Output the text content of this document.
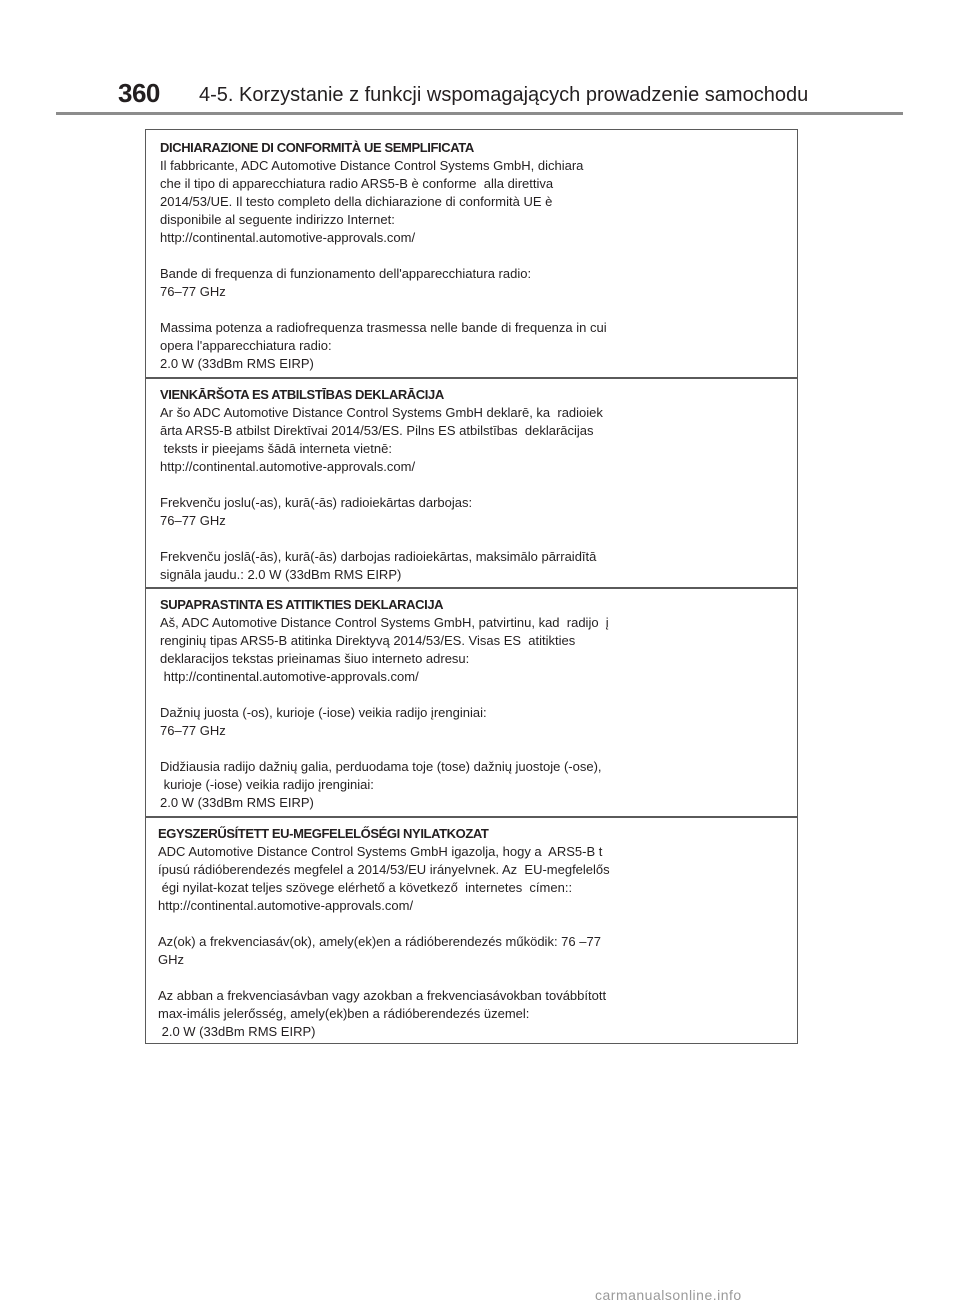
360 4-5. Korzystanie z funkcji wspomagających prowadzenie samochodu

DICHIARAZIONE DI CONFORMITÀ UE SEMPLIFICATA

Il fabbricante, ADC Automotive Distance Control Systems GmbH, dichiara

che il tipo di apparecchiatura radio ARS5-B è conforme  alla direttiva

2014/53/UE. Il testo completo della dichiarazione di conformità UE è

disponibile al seguente indirizzo Internet:

http://continental.automotive-approvals.com/

Bande di frequenza di funzionamento dell'apparecchiatura radio:

76–77 GHz

Massima potenza a radiofrequenza trasmessa nelle bande di frequenza in cui

opera l'apparecchiatura radio:

2.0 W (33dBm RMS EIRP)

VIENKĀRŠOTA ES ATBILSTĪBAS DEKLARĀCIJA

Ar šo ADC Automotive Distance Control Systems GmbH deklarē, ka  radioiek

ārta ARS5-B atbilst Direktīvai 2014/53/ES. Pilns ES atbilstības  deklarācijas

teksts ir pieejams šādā interneta vietnē:

http://continental.automotive-approvals.com/

Frekvenču joslu(-as), kurā(-ās) radioiekārtas darbojas:

76–77 GHz

Frekvenču joslā(-ās), kurā(-ās) darbojas radioiekārtas, maksimālo pārraidītā

signāla jaudu.: 2.0 W (33dBm RMS EIRP)

SUPAPRASTINTA ES ATITIKTIES DEKLARACIJA

Aš, ADC Automotive Distance Control Systems GmbH, patvirtinu, kad  radijo  į

renginių tipas ARS5-B atitinka Direktyvą 2014/53/ES. Visas ES  atitikties

deklaracijos tekstas prieinamas šiuo interneto adresu:

http://continental.automotive-approvals.com/

Dažnių juosta (-os), kurioje (-iose) veikia radijo įrenginiai:

76–77 GHz

Didžiausia radijo dažnių galia, perduodama toje (tose) dažnių juostoje (-ose),

kurioje (-iose) veikia radijo įrenginiai:

2.0 W (33dBm RMS EIRP)

EGYSZERŰSÍTETT EU-MEGFELELŐSÉGI NYILATKOZAT

ADC Automotive Distance Control Systems GmbH igazolja, hogy a  ARS5-B t

ípusú rádióberendezés megfelel a 2014/53/EU irányelvnek. Az  EU-megfelelős

égi nyilat-kozat teljes szövege elérhető a következő  internetes  címen::

http://continental.automotive-approvals.com/

Az(ok) a frekvenciasáv(ok), amely(ek)en a rádióberendezés működik: 76 –77

GHz

Az abban a frekvenciasávban vagy azokban a frekvenciasávokban továbbított

max-imális jelerősség, amely(ek)ben a rádióberendezés üzemel:

2.0 W (33dBm RMS EIRP)

carmanualsonline.info
